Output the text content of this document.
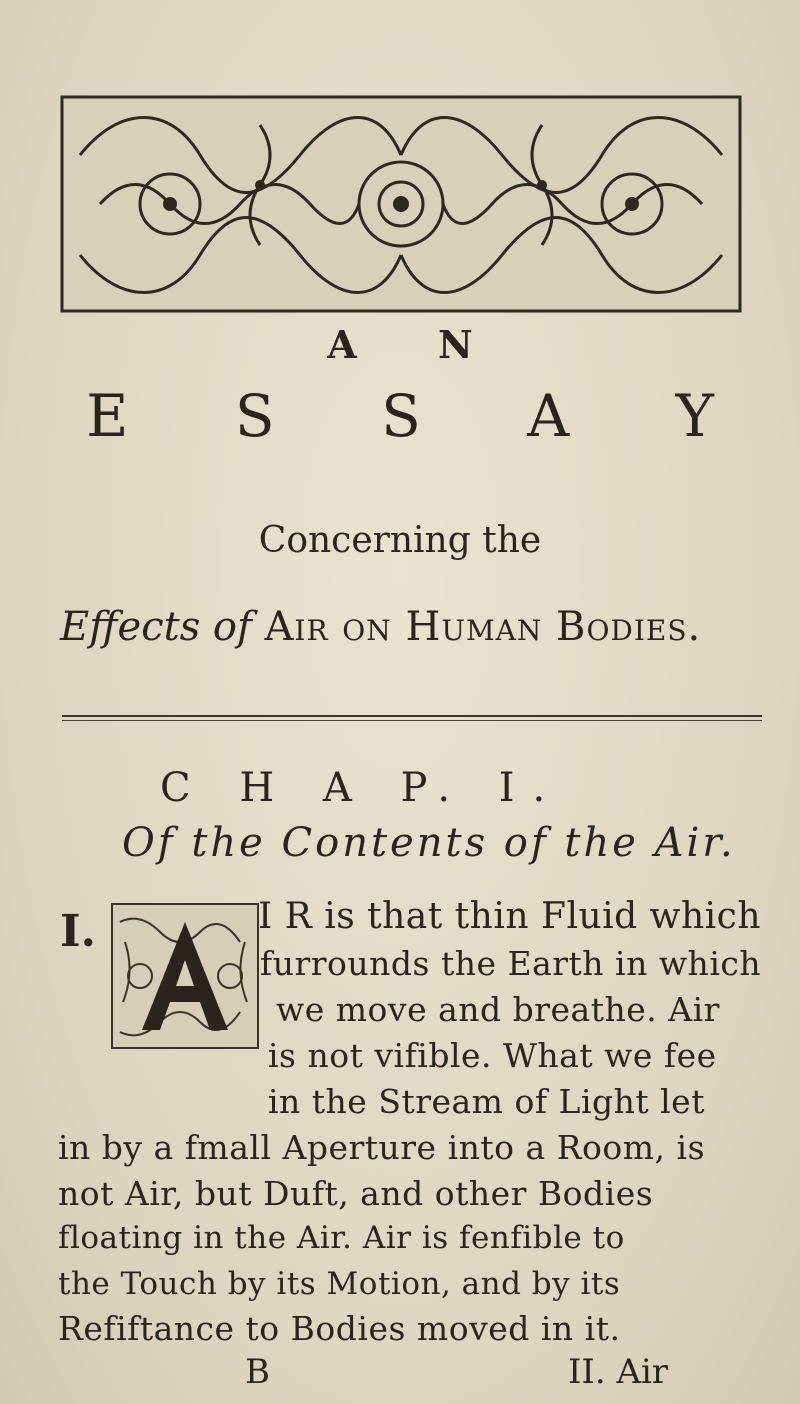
A N
E S S A Y
Concerning the
Effects of Air on Human Bodies.
C H A P. I.
Of the Contents of the Air.
I.	I R is that thin Fluid which
furrounds the Earth in which
we move and breathe. Air
is not vifible. What we fee
in the Stream of Light let
in by a fmall Aperture into a Room, is
not Air, but Duft, and other Bodies
floating in the Air. Air is fenfible to
the Touch by its Motion, and by its
Refiftance to Bodies moved in it.
B	II. Air
